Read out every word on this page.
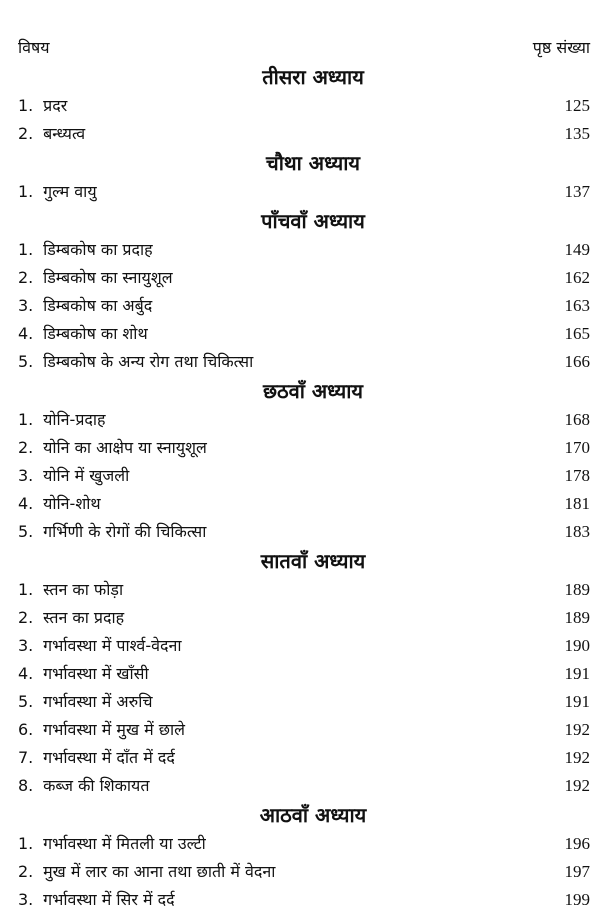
विषय	पृष्ठ संख्या
तीसरा अध्याय
1. प्रदर	125
2. बन्ध्यत्व	135
चौथा अध्याय
1. गुल्म वायु	137
पाँचवाँ अध्याय
1. डिम्बकोष का प्रदाह	149
2. डिम्बकोष का स्नायुशूल	162
3. डिम्बकोष का अर्बुद	163
4. डिम्बकोष का शोथ	165
5. डिम्बकोष के अन्य रोग तथा चिकित्सा	166
छठवाँ अध्याय
1. योनि-प्रदाह	168
2. योनि का आक्षेप या स्नायुशूल	170
3. योनि में खुजली	178
4. योनि-शोथ	181
5. गर्भिणी के रोगों की चिकित्सा	183
सातवाँ अध्याय
1. स्तन का फोड़ा	189
2. स्तन का प्रदाह	189
3. गर्भावस्था में पार्श्व-वेदना	190
4. गर्भावस्था में खाँसी	191
5. गर्भावस्था में अरुचि	191
6. गर्भावस्था में मुख में छाले	192
7. गर्भावस्था में दाँत में दर्द	192
8. कब्ज की शिकायत	192
आठवाँ अध्याय
1. गर्भावस्था में मितली या उल्टी	196
2. मुख में लार का आना तथा छाती में वेदना	197
3. गर्भावस्था में सिर में दर्द	199
